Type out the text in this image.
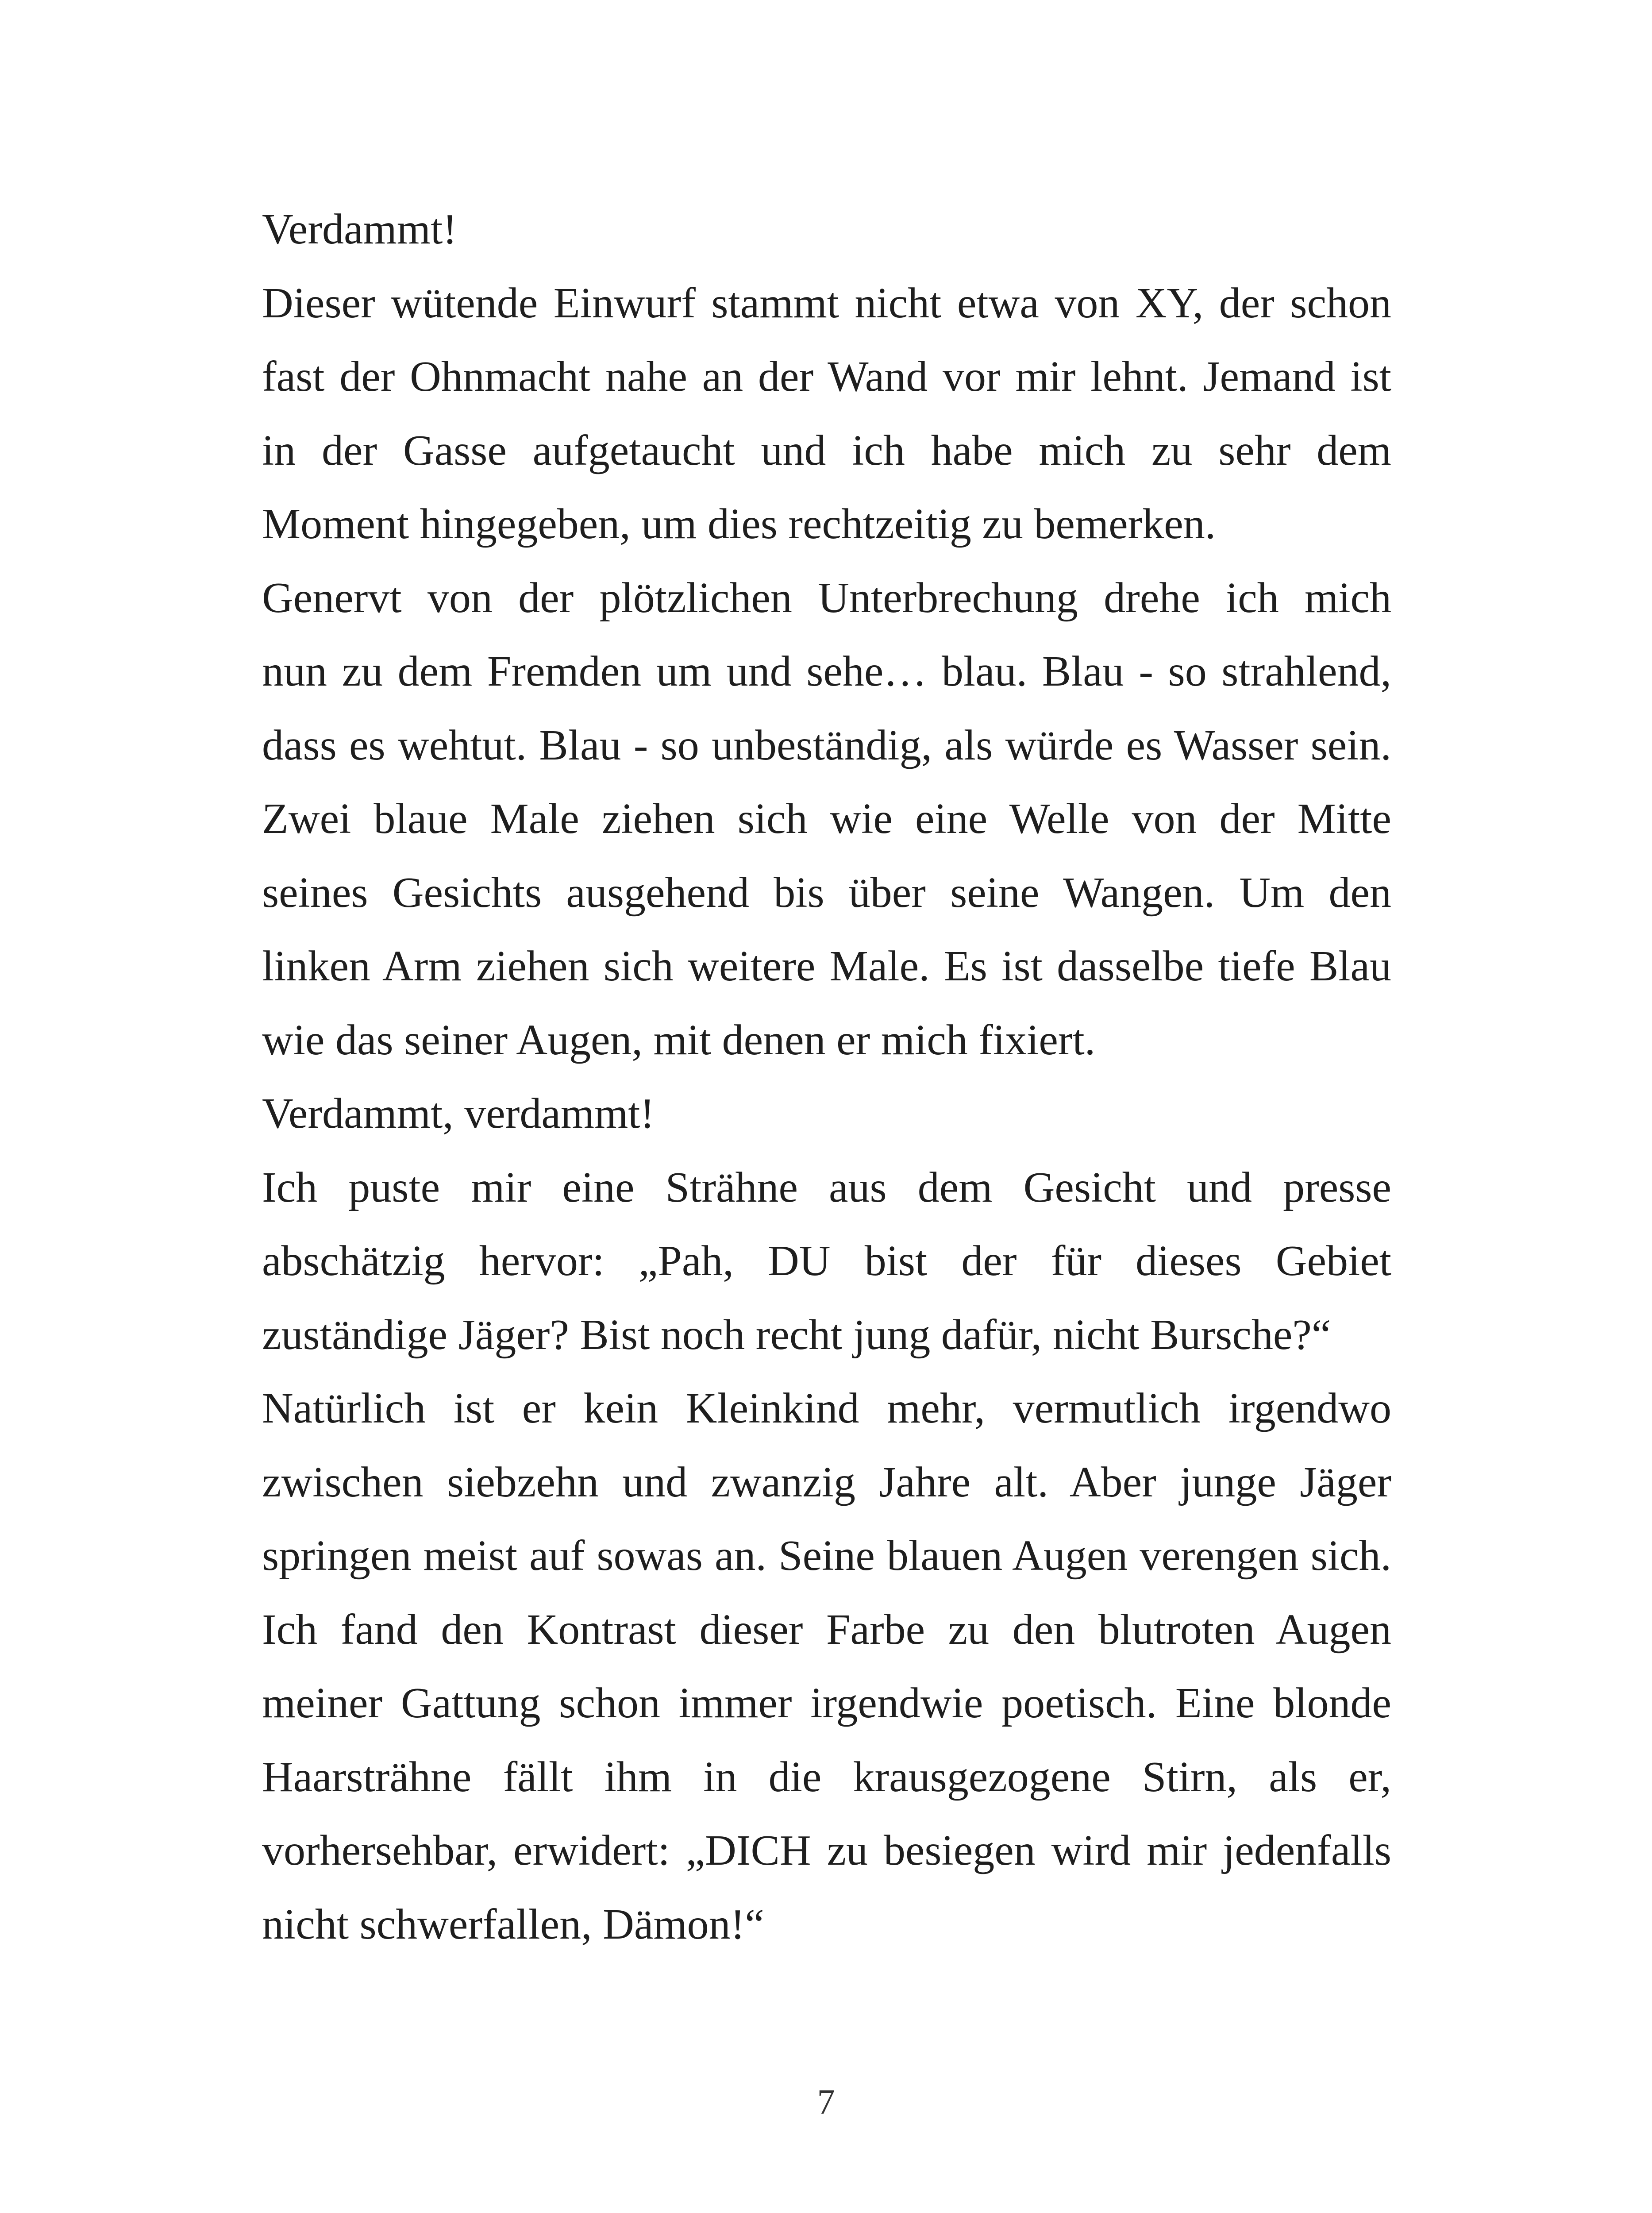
Verdammt!
Dieser wütende Einwurf stammt nicht etwa von XY, der schon
fast der Ohnmacht nahe an der Wand vor mir lehnt. Jemand ist
in der Gasse aufgetaucht und ich habe mich zu sehr dem
Moment hingegeben, um dies rechtzeitig zu bemerken.
Genervt von der plötzlichen Unterbrechung drehe ich mich
nun zu dem Fremden um und sehe… blau. Blau - so strahlend,
dass es wehtut. Blau - so unbeständig, als würde es Wasser sein.
Zwei blaue Male ziehen sich wie eine Welle von der Mitte
seines Gesichts ausgehend bis über seine Wangen. Um den
linken Arm ziehen sich weitere Male. Es ist dasselbe tiefe Blau
wie das seiner Augen, mit denen er mich fixiert.
Verdammt, verdammt!
Ich puste mir eine Strähne aus dem Gesicht und presse
abschätzig hervor: „Pah, DU bist der für dieses Gebiet
zuständige Jäger? Bist noch recht jung dafür, nicht Bursche?“
Natürlich ist er kein Kleinkind mehr, vermutlich irgendwo
zwischen siebzehn und zwanzig Jahre alt. Aber junge Jäger
springen meist auf sowas an. Seine blauen Augen verengen sich.
Ich fand den Kontrast dieser Farbe zu den blutroten Augen
meiner Gattung schon immer irgendwie poetisch. Eine blonde
Haarsträhne fällt ihm in die krausgezogene Stirn, als er,
vorhersehbar, erwidert: „DICH zu besiegen wird mir jedenfalls
nicht schwerfallen, Dämon!“
7
